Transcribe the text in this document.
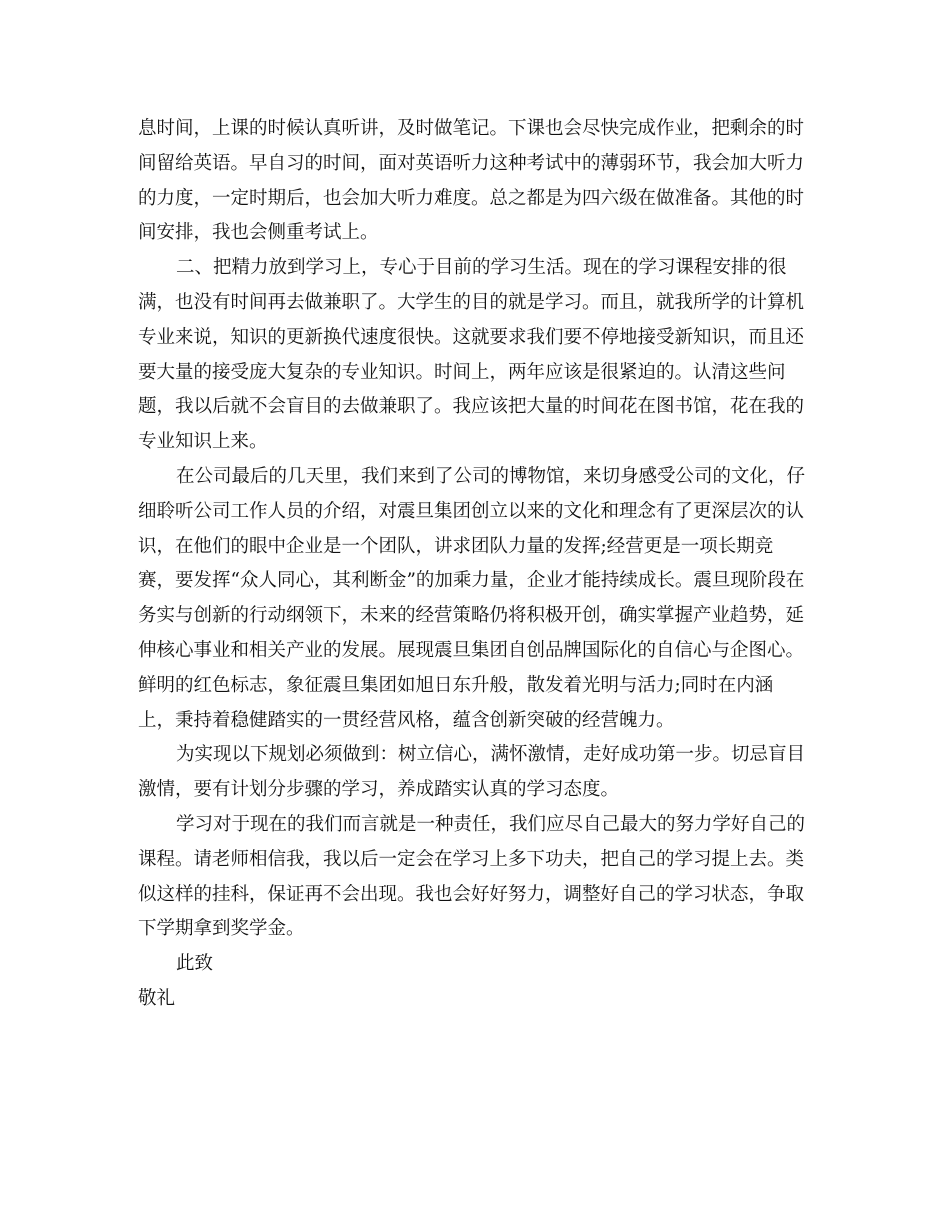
息时间，上课的时候认真听讲，及时做笔记。下课也会尽快完成作业，把剩余的时
间留给英语。早自习的时间，面对英语听力这种考试中的薄弱环节，我会加大听力
的力度，一定时期后，也会加大听力难度。总之都是为四六级在做准备。其他的时
间安排，我也会侧重考试上。
二、把精力放到学习上，专心于目前的学习生活。现在的学习课程安排的很
满，也没有时间再去做兼职了。大学生的目的就是学习。而且，就我所学的计算机
专业来说，知识的更新换代速度很快。这就要求我们要不停地接受新知识，而且还
要大量的接受庞大复杂的专业知识。时间上，两年应该是很紧迫的。认清这些问
题，我以后就不会盲目的去做兼职了。我应该把大量的时间花在图书馆，花在我的
专业知识上来。
在公司最后的几天里，我们来到了公司的博物馆，来切身感受公司的文化，仔
细聆听公司工作人员的介绍，对震旦集团创立以来的文化和理念有了更深层次的认
识，在他们的眼中企业是一个团队，讲求团队力量的发挥;经营更是一项长期竞
赛，要发挥“众人同心，其利断金”的加乘力量，企业才能持续成长。震旦现阶段在
务实与创新的行动纲领下，未来的经营策略仍将积极开创，确实掌握产业趋势，延
伸核心事业和相关产业的发展。展现震旦集团自创品牌国际化的自信心与企图心。
鲜明的红色标志，象征震旦集团如旭日东升般，散发着光明与活力;同时在内涵
上，秉持着稳健踏实的一贯经营风格，蕴含创新突破的经营魄力。
为实现以下规划必须做到：树立信心，满怀激情，走好成功第一步。切忌盲目
激情，要有计划分步骤的学习，养成踏实认真的学习态度。
学习对于现在的我们而言就是一种责任，我们应尽自己最大的努力学好自己的
课程。请老师相信我，我以后一定会在学习上多下功夫，把自己的学习提上去。类
似这样的挂科，保证再不会出现。我也会好好努力，调整好自己的学习状态，争取
下学期拿到奖学金。
此致
敬礼
